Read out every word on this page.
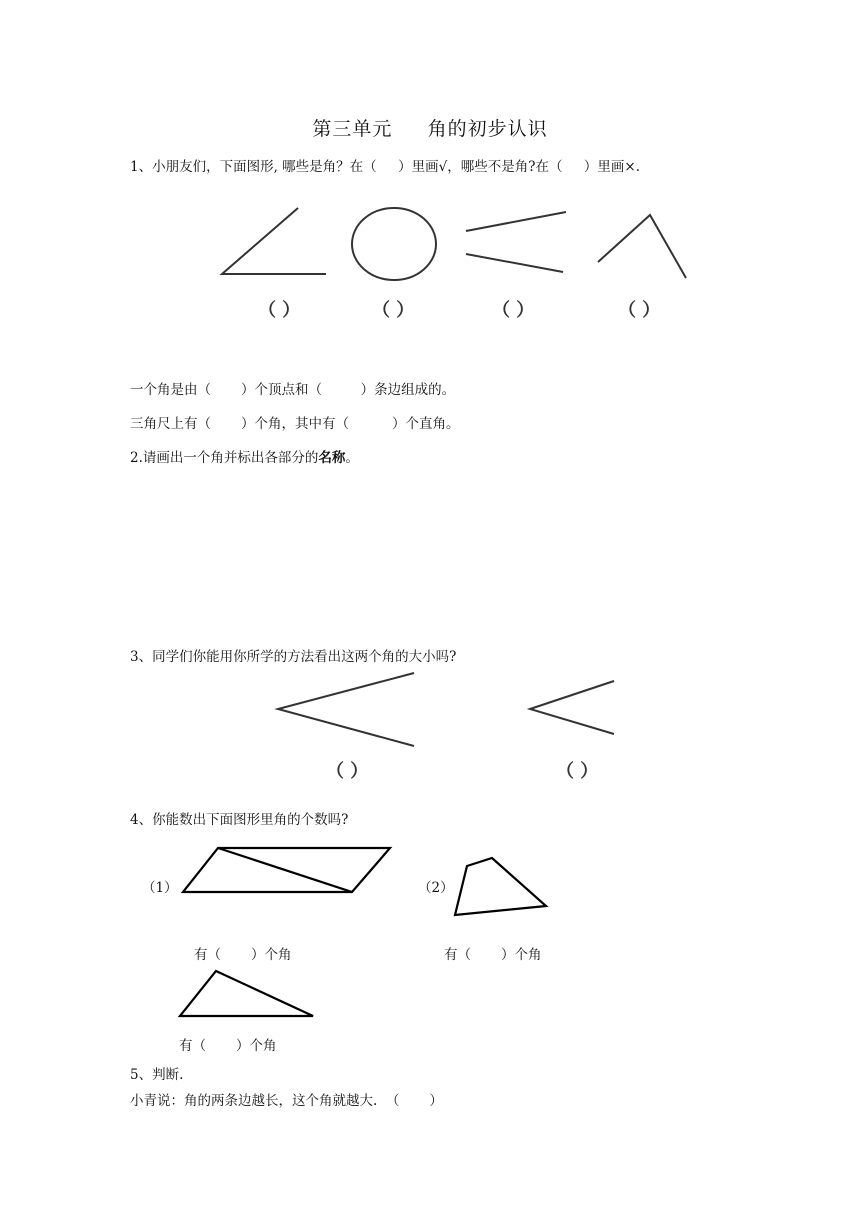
第三单元     角的初步认识
1、小朋友们，下面图形, 哪些是角？在（     ）里画√，哪些不是角?在（     ）里画×.
（ ）	（ ）	（ ）	（ ）
一个角是由（       ）个顶点和（         ）条边组成的。
三角尺上有（       ）个角，其中有（          ）个直角。
2.请画出一个角并标出各部分的名称。
3、同学们你能用你所学的方法看出这两个角的大小吗?
（ ）	（ ）
4、你能数出下面图形里角的个数吗?
（1）	（2）
有（       ）个角	有（       ）个角
有（       ）个角
5、判断.
小青说：角的两条边越长，这个角就越大.  （       ）
